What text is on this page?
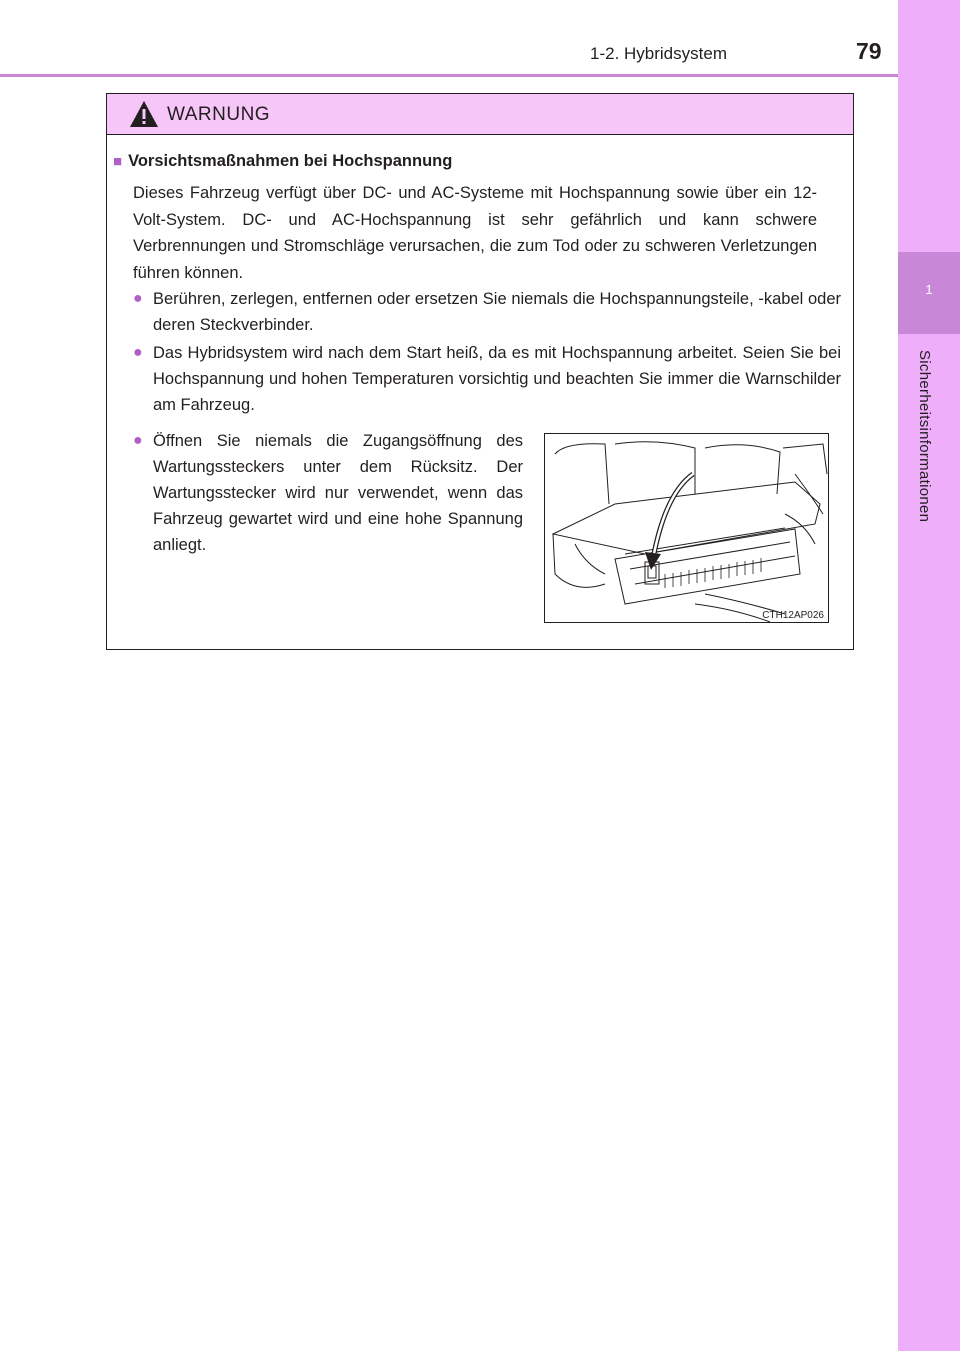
1-2. Hybridsystem	79
1
Sicherheitsinformationen
WARNUNG
■ Vorsichtsmaßnahmen bei Hochspannung
Dieses Fahrzeug verfügt über DC- und AC-Systeme mit Hochspannung sowie über ein 12-Volt-System. DC- und AC-Hochspannung ist sehr gefährlich und kann schwere Verbrennungen und Stromschläge verursachen, die zum Tod oder zu schweren Verletzungen führen können.
● Berühren, zerlegen, entfernen oder ersetzen Sie niemals die Hochspannungsteile, -kabel oder deren Steckverbinder.
● Das Hybridsystem wird nach dem Start heiß, da es mit Hochspannung arbeitet. Seien Sie bei Hochspannung und hohen Temperaturen vorsichtig und beachten Sie immer die Warnschilder am Fahrzeug.
● Öffnen Sie niemals die Zugangsöffnung des Wartungssteckers unter dem Rücksitz. Der Wartungsstecker wird nur verwendet, wenn das Fahrzeug gewartet wird und eine hohe Spannung anliegt.
CTH12AP026
